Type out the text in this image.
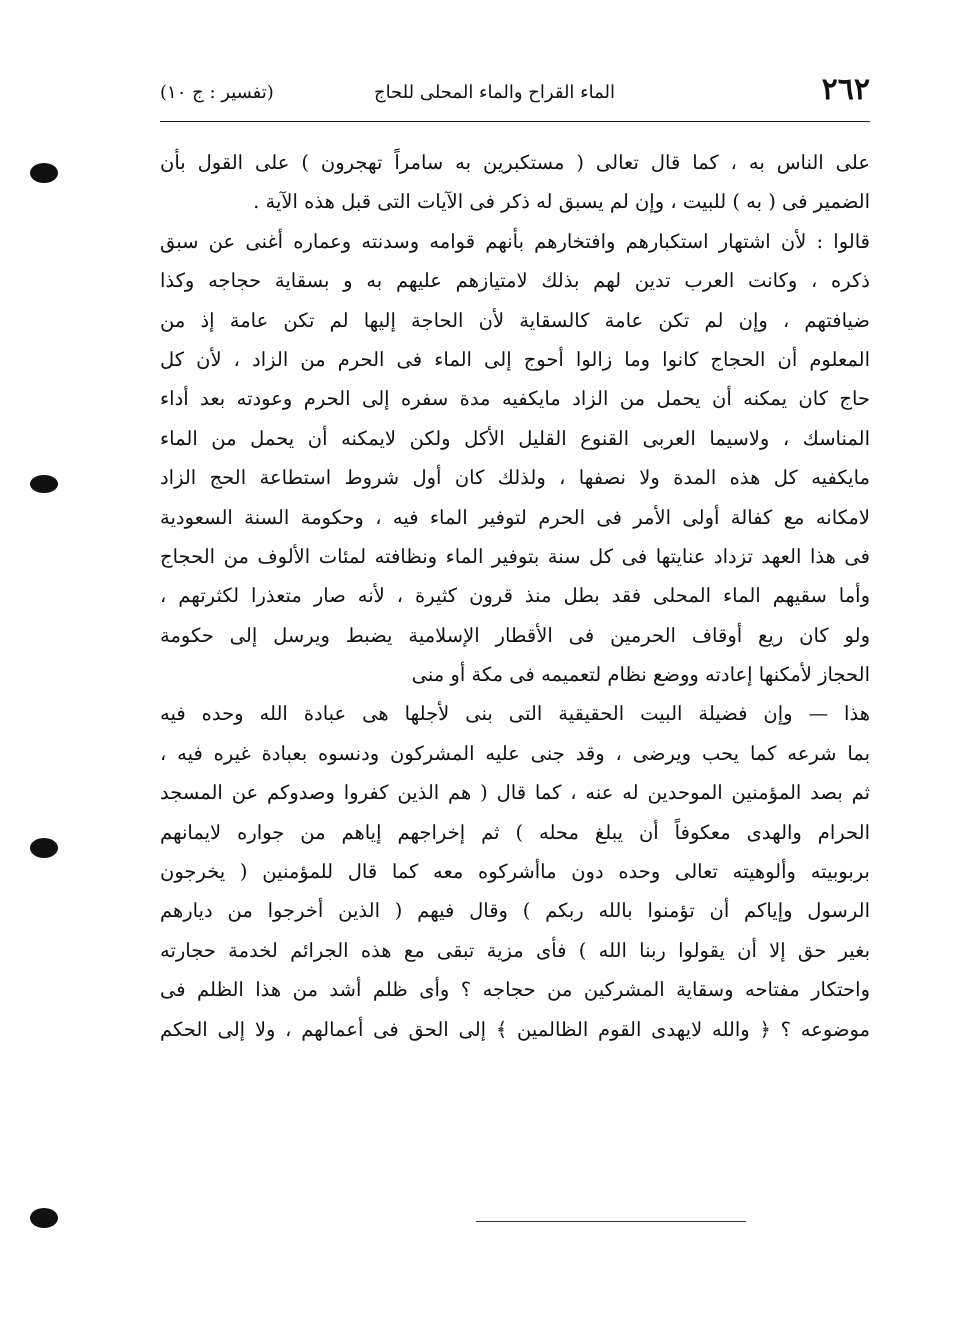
٢٦٢
الماء القراح والماء المحلى للحاج
(تفسير : ج ١٠)
على الناس به ، كما قال تعالى ( مستكبرين به سامراً تهجرون ) على القول بأن
الضمير فى ( به ) للبيت ، وإن لم يسبق له ذكر فى الآيات التى قبل هذه الآية .
قالوا : لأن اشتهار استكبارهم وافتخارهم بأنهم قوامه وسدنته وعماره أغنى عن سبق
ذكره ، وكانت العرب تدين لهم بذلك لامتيازهم عليهم به و بسقاية حجاجه وكذا
ضيافتهم ، وإن لم تكن عامة كالسقاية لأن الحاجة إليها لم تكن عامة إذ من
المعلوم أن الحجاج كانوا وما زالوا أحوج إلى الماء فى الحرم من الزاد ، لأن كل
حاج كان يمكنه أن يحمل من الزاد مايكفيه مدة سفره إلى الحرم وعودته بعد أداء
المناسك ، ولاسيما العربى القنوع القليل الأكل ولكن لايمكنه أن يحمل من الماء
مايكفيه كل هذه المدة ولا نصفها ، ولذلك كان أول شروط استطاعة الحج الزاد
لامكانه مع كفالة أولى الأمر فى الحرم لتوفير الماء فيه ، وحكومة السنة السعودية
فى هذا العهد تزداد عنايتها فى كل سنة بتوفير الماء ونظافته لمئات الألوف من الحجاج
وأما سقيهم الماء المحلى فقد بطل منذ قرون كثيرة ، لأنه صار متعذرا لكثرتهم ،
ولو كان ريع أوقاف الحرمين فى الأقطار الإسلامية يضبط ويرسل إلى حكومة
الحجاز لأمكنها إعادته ووضع نظام لتعميمه فى مكة أو منى
هذا — وإن فضيلة البيت الحقيقية التى بنى لأجلها هى عبادة الله وحده فيه
بما شرعه كما يحب ويرضى ، وقد جنى عليه المشركون ودنسوه بعبادة غيره فيه ،
ثم بصد المؤمنين الموحدين له عنه ، كما قال ( هم الذين كفروا وصدوكم عن المسجد
الحرام والهدى معكوفاً أن يبلغ محله ) ثم إخراجهم إياهم من جواره لايمانهم
بربوبيته وألوهيته تعالى وحده دون ماأشركوه معه كما قال للمؤمنين ( يخرجون
الرسول وإياكم أن تؤمنوا بالله ربكم ) وقال فيهم ( الذين أخرجوا من ديارهم
بغير حق إلا أن يقولوا ربنا الله ) فأى مزية تبقى مع هذه الجرائم لخدمة حجارته
واحتكار مفتاحه وسقاية المشركين من حجاجه ؟ وأى ظلم أشد من هذا الظلم فى
موضوعه ؟ ﴿ والله لايهدى القوم الظالمين ﴾ إلى الحق فى أعمالهم ، ولا إلى الحكم
